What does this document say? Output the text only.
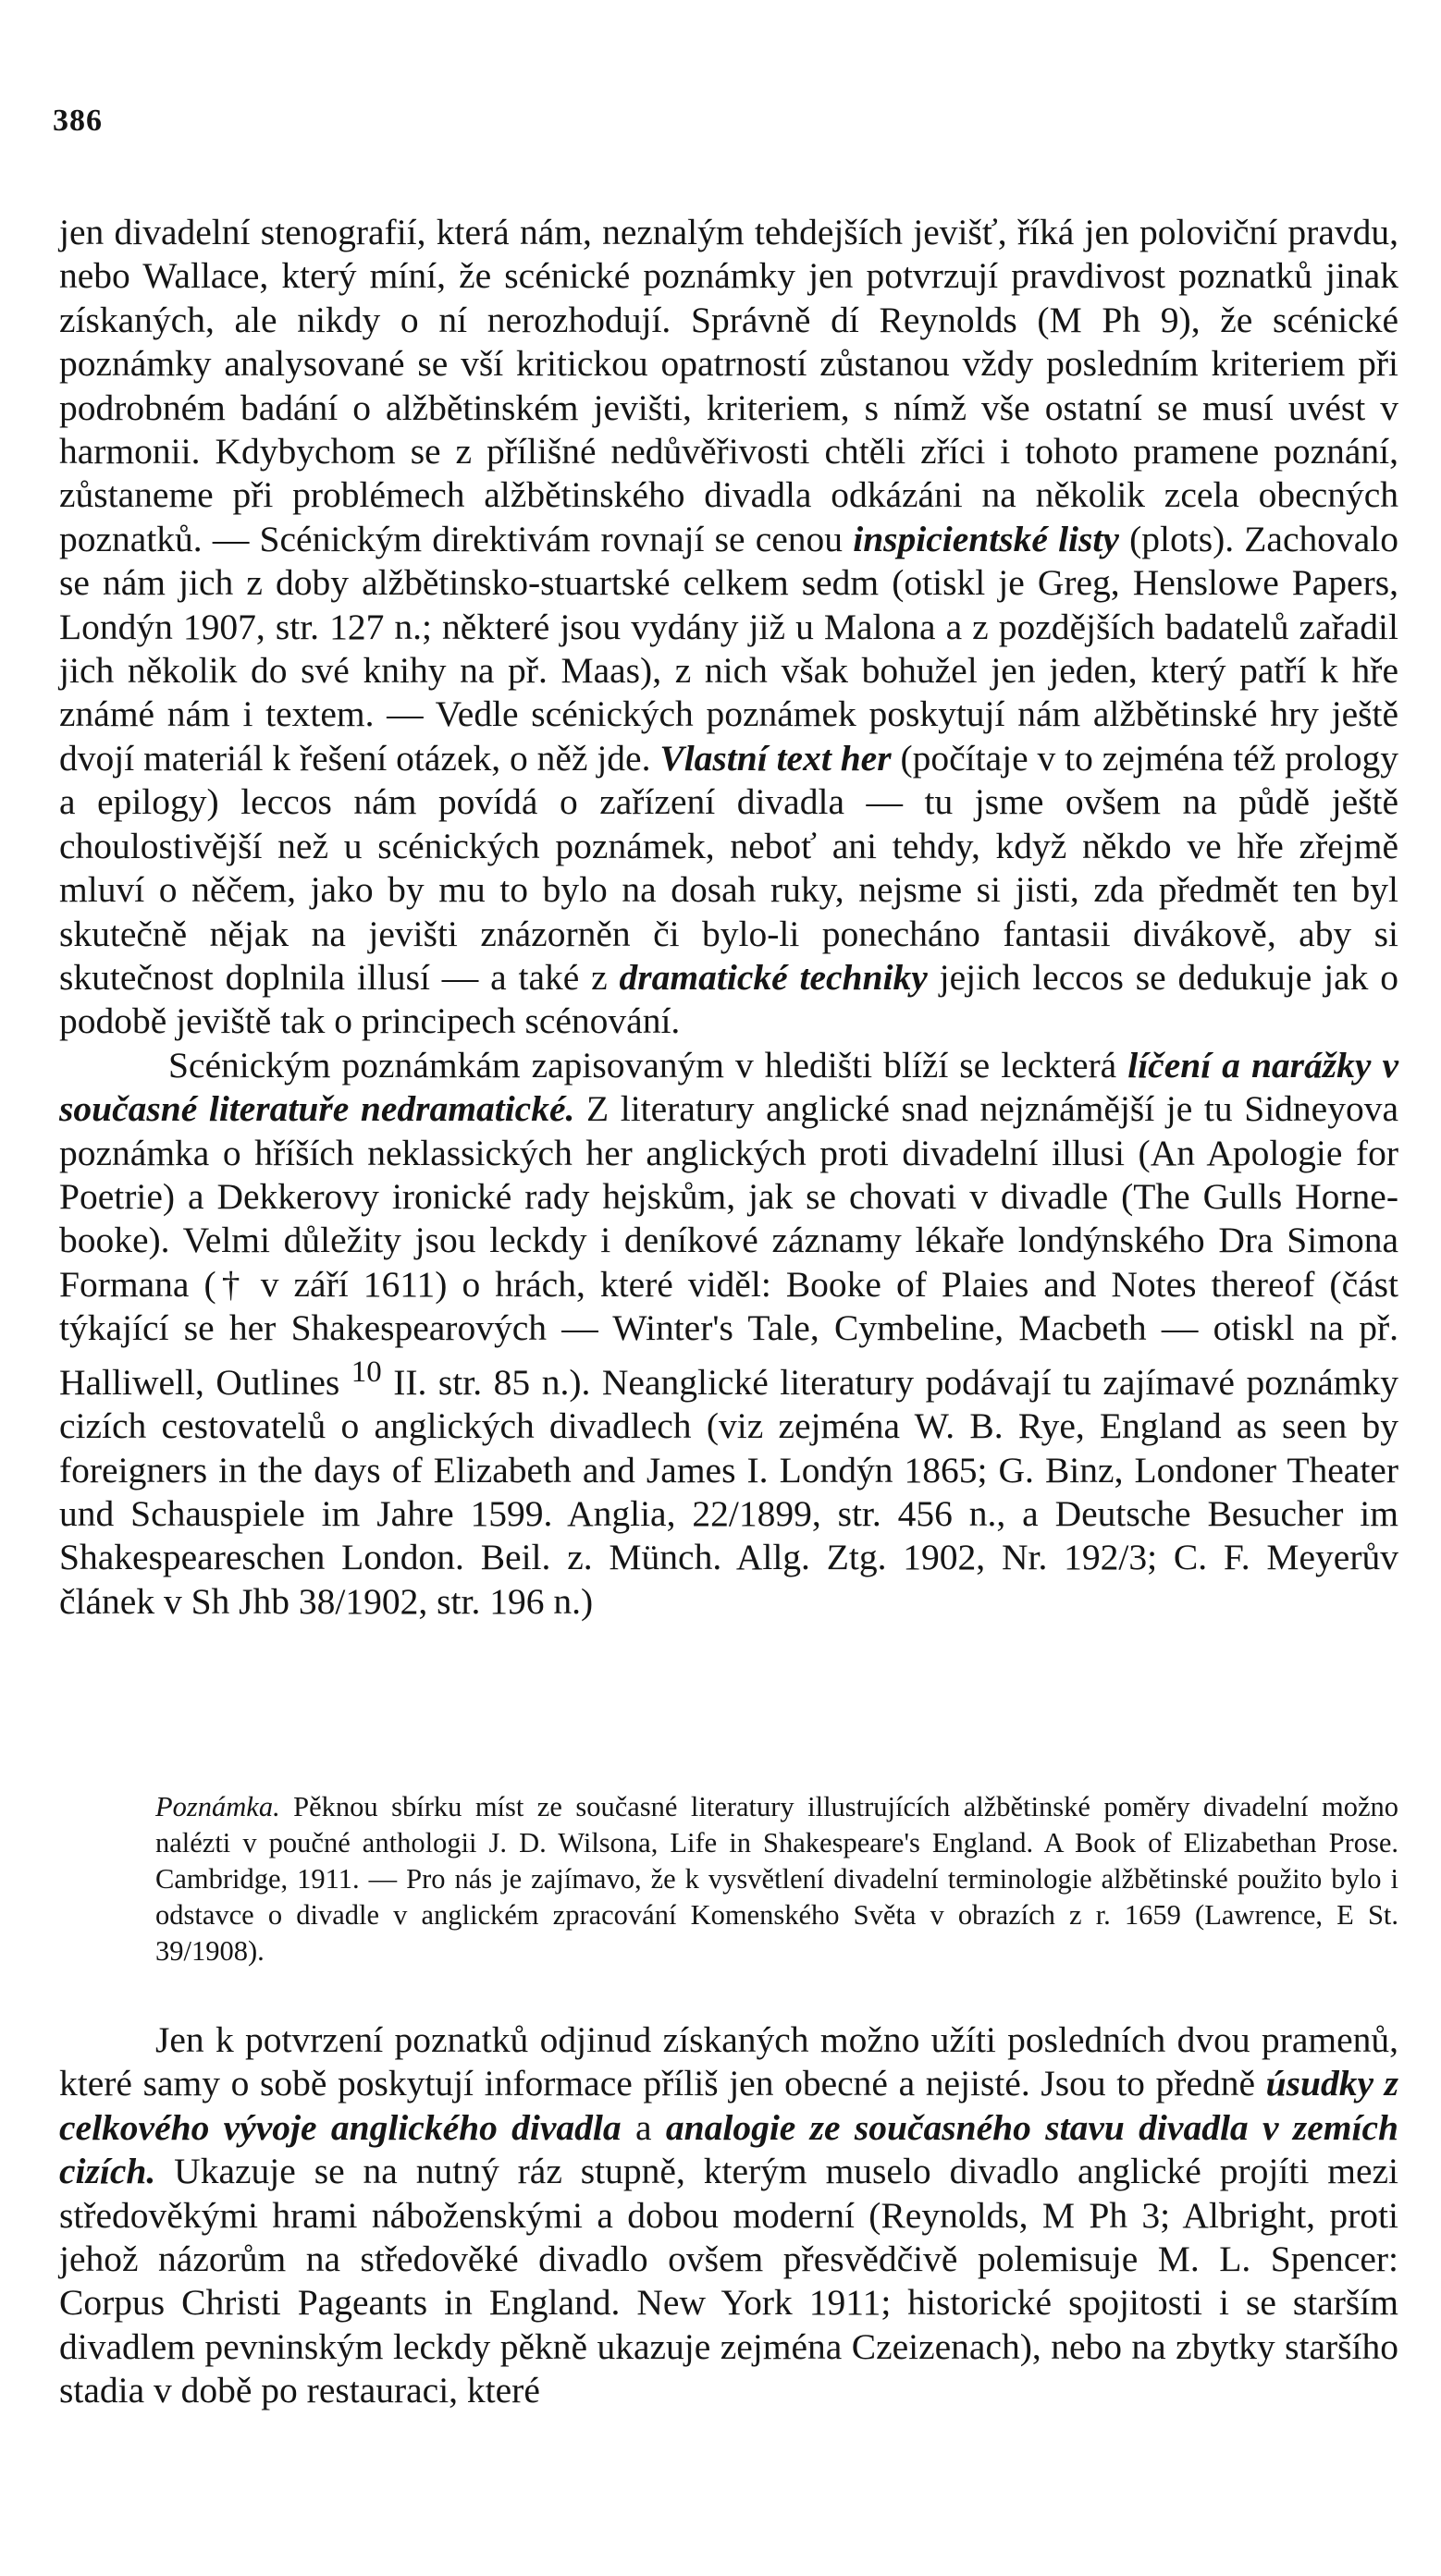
386

jen divadelní stenografií, která nám, neznalým tehdejších jevišť, říká jen poloviční pravdu, nebo Wallace, který míní, že scénické poznámky jen potvrzují pravdivost poznatků jinak získaných, ale nikdy o ní nerozhodují. Správně dí Reynolds (M Ph 9), že scénické poznámky analysované se vší kritickou opatrností zůstanou vždy posledním kriteriem při podrobném badání o alžbětinském jevišti, kriteriem, s nímž vše ostatní se musí uvést v harmonii. Kdybychom se z přílišné nedůvěřivosti chtěli zříci i tohoto pramene poznání, zůstaneme při problémech alžbětinského divadla odkázáni na několik zcela obecných poznatků. — Scénickým direktivám rovnají se cenou inspicientské listy (plots). Zachovalo se nám jich z doby alžbětinsko-stuartské celkem sedm (otiskl je Greg, Henslowe Papers, Londýn 1907, str. 127 n.; některé jsou vydány již u Malona a z pozdějších badatelů zařadil jich několik do své knihy na př. Maas), z nich však bohužel jen jeden, který patří k hře známé nám i textem. — Vedle scénických poznámek poskytují nám alžbětinské hry ještě dvojí materiál k řešení otázek, o něž jde. Vlastní text her (počítaje v to zejména též prology a epilogy) leccos nám povídá o zařízení divadla — tu jsme ovšem na půdě ještě choulostivější než u scénických poznámek, neboť ani tehdy, když někdo ve hře zřejmě mluví o něčem, jako by mu to bylo na dosah ruky, nejsme si jisti, zda předmět ten byl skutečně nějak na jevišti znázorněn či bylo-li ponecháno fantasii divákově, aby si skutečnost doplnila illusí — a také z dramatické techniky jejich leccos se dedukuje jak o podobě jeviště tak o principech scénování.

Scénickým poznámkám zapisovaným v hledišti blíží se leckterá líčení a narážky v současné literatuře nedramatické. Z literatury anglické snad nejznámější je tu Sidneyova poznámka o hříších neklassických her anglických proti divadelní illusi (An Apologie for Poetrie) a Dekkerovy ironické rady hejskům, jak se chovati v divadle (The Gulls Horne-booke). Velmi důležity jsou leckdy i deníkové záznamy lékaře londýnského Dra Simona Formana († v září 1611) o hrách, které viděl: Booke of Plaies and Notes thereof (část týkající se her Shakespearových — Winter's Tale, Cymbeline, Macbeth — otiskl na př. Halliwell, Outlines $^{10}$ II. str. 85 n.). Neanglické literatury podávají tu zajímavé poznámky cizích cestovatelů o anglických divadlech (viz zejména W. B. Rye, England as seen by foreigners in the days of Elizabeth and James I. Londýn 1865; G. Binz, Londoner Theater und Schauspiele im Jahre 1599. Anglia, 22/1899, str. 456 n., a Deutsche Besucher im Shakespeareschen London. Beil. z. Münch. Allg. Ztg. 1902, Nr. 192/3; C. F. Meyerův článek v Sh Jhb 38/1902, str. 196 n.)

Poznámka. Pěknou sbírku míst ze současné literatury illustrujících alžbětinské poměry divadelní možno nalézti v poučné anthologii J. D. Wilsona, Life in Shakespeare's England. A Book of Elizabethan Prose. Cambridge, 1911. — Pro nás je zajímavo, že k vysvětlení divadelní terminologie alžbětinské použito bylo i odstavce o divadle v anglickém zpracování Komenského Světa v obrazích z r. 1659 (Lawrence, E St. 39/1908).

Jen k potvrzení poznatků odjinud získaných možno užíti posledních dvou pramenů, které samy o sobě poskytují informace příliš jen obecné a nejisté. Jsou to předně úsudky z celkového vývoje anglického divadla a analogie ze současného stavu divadla v zemích cizích. Ukazuje se na nutný ráz stupně, kterým muselo divadlo anglické projíti mezi středověkými hrami náboženskými a dobou moderní (Reynolds, M Ph 3; Albright, proti jehož názorům na středověké divadlo ovšem přesvědčivě polemisuje M. L. Spencer: Corpus Christi Pageants in England. New York 1911; historické spojitosti i se starším divadlem pevninským leckdy pěkně ukazuje zejména Czeizenach), nebo na zbytky staršího stadia v době po restauraci, které
